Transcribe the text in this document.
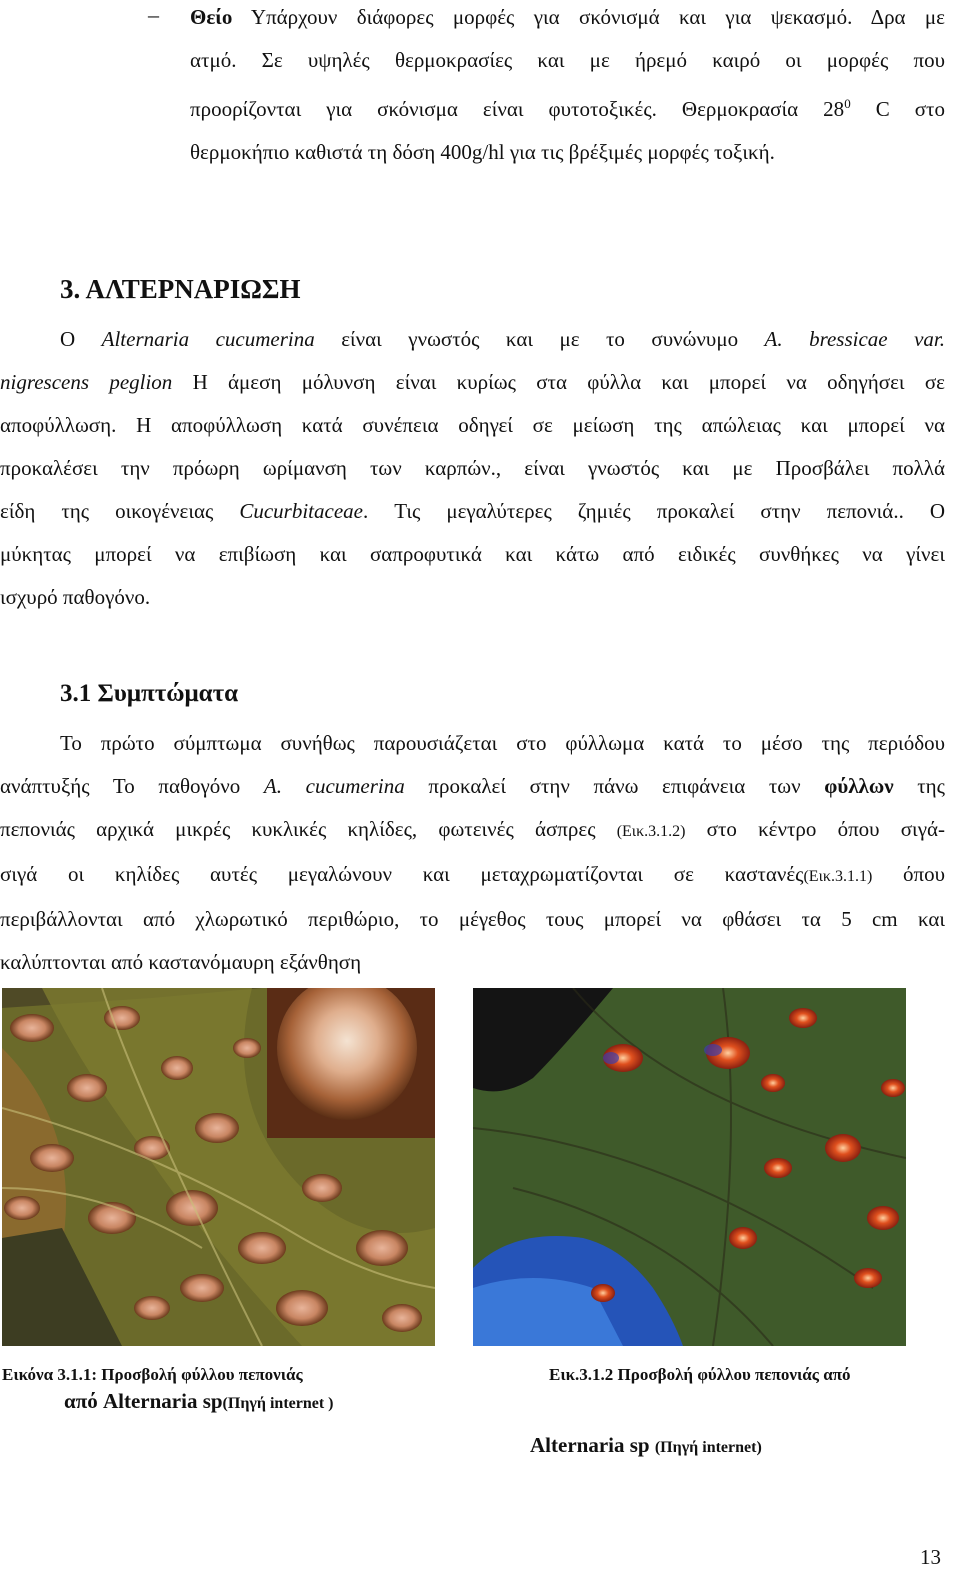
– Θείο Υπάρχουν διάφορες μορφές για σκόνισμά και για ψεκασμό. Δρα με
ατμό. Σε υψηλές θερμοκρασίες και με ήρεμό καιρό οι μορφές που
προορίζονται για σκόνισμα είναι φυτοτοξικές. Θερμοκρασία $28^0$ C στο
θερμοκήπιο καθιστά τη δόση 400g/hl για τις βρέξιμές μορφές τοξική.
3. ΑΛΤΕΡΝΑΡΙΩΣΗ
Ο Alternaria cucumerina είναι γνωστός και με το συνώνυμο A. bressicae var.
nigrescens peglion Η άμεση μόλυνση είναι κυρίως στα φύλλα και μπορεί να οδηγήσει σε
αποφύλλωση. Η αποφύλλωση κατά συνέπεια οδηγεί σε μείωση της απώλειας και μπορεί να
προκαλέσει την πρόωρη ωρίμανση των καρπών., είναι γνωστός και με Προσβάλει πολλά
είδη της οικογένειας Cucurbitaceae. Τις μεγαλύτερες ζημιές προκαλεί στην πεπονιά.. Ο
μύκητας μπορεί να επιβίωση και σαπροφυτικά και κάτω από ειδικές συνθήκες να γίνει
ισχυρό παθογόνο.
3.1 Συμπτώματα
Το πρώτο σύμπτωμα συνήθως παρουσιάζεται στο φύλλωμα κατά το μέσο της περιόδου
ανάπτυξής Το παθογόνο A. cucumerina προκαλεί στην πάνω επιφάνεια των φύλλων της
πεπονιάς αρχικά μικρές κυκλικές κηλίδες, φωτεινές άσπρες (Εικ.3.1.2) στο κέντρο όπου σιγά-
σιγά οι κηλίδες αυτές μεγαλώνουν και μεταχρωματίζονται σε καστανές(Εικ.3.1.1) όπου
περιβάλλονται από χλωρωτικό περιθώριο, το μέγεθος τους μπορεί να φθάσει τα 5 cm και
καλύπτονται από καστανόμαυρη εξάνθηση
Εικόνα 3.1.1: Προσβολή φύλλου πεπονιάς
από Alternaria sp(Πηγή internet )
Εικ.3.1.2 Προσβολή φύλλου πεπονιάς από
Alternaria sp (Πηγή internet)
13
